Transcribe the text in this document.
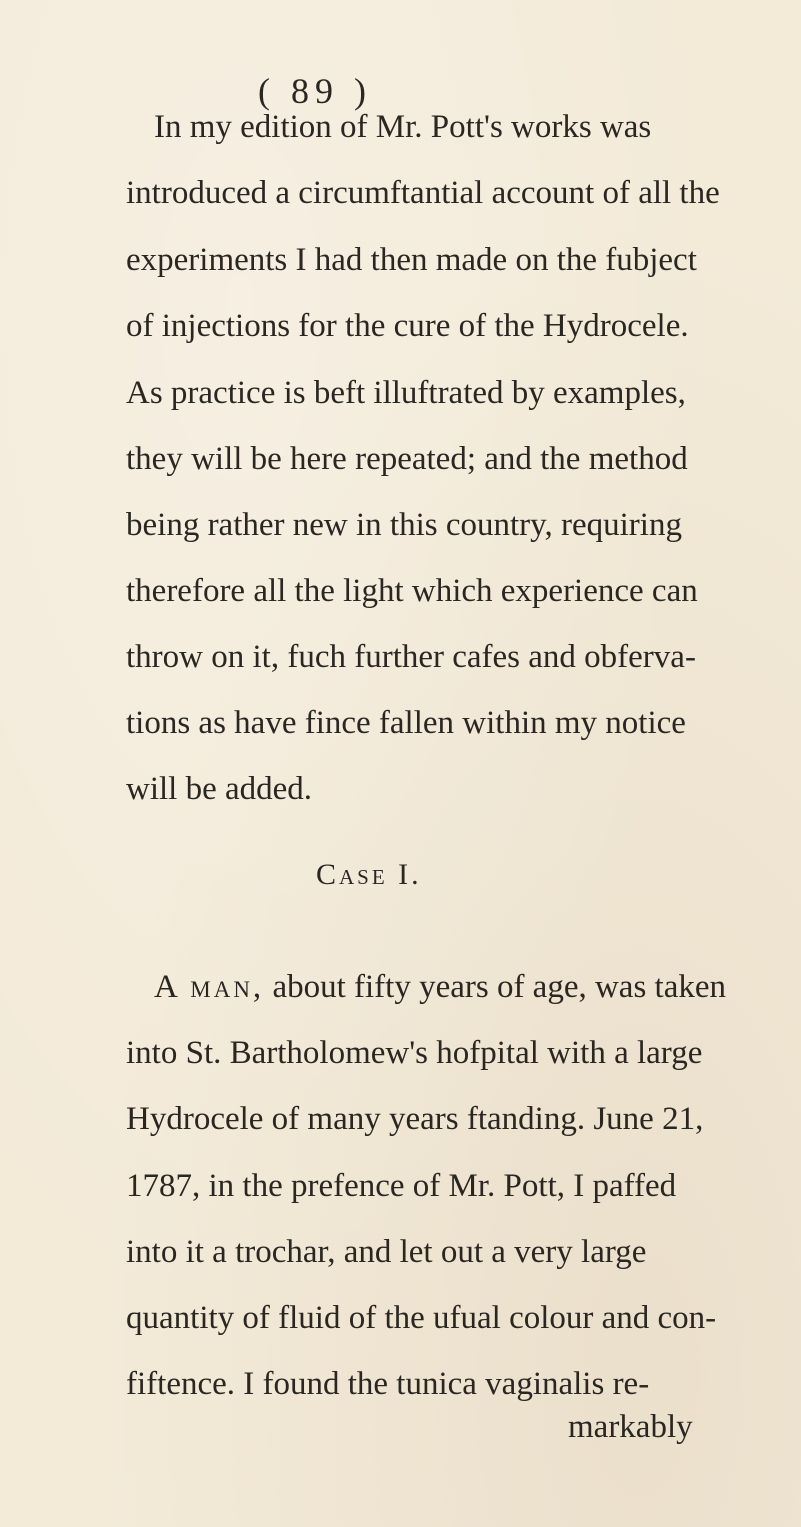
( 89 )
In my edition of Mr. Pott's works was
introduced a circumftantial account of all the
experiments I had then made on the fubject
of injections for the cure of the Hydrocele.
As practice is beft illuftrated by examples,
they will be here repeated; and the method
being rather new in this country, requiring
therefore all the light which experience can
throw on it, fuch further cafes and obferva-
tions as have fince fallen within my notice
will be added.
Case I.
A man, about fifty years of age, was taken
into St. Bartholomew's hofpital with a large
Hydrocele of many years ftanding. June 21,
1787, in the prefence of Mr. Pott, I paffed
into it a trochar, and let out a very large
quantity of fluid of the ufual colour and con-
fiftence. I found the tunica vaginalis re-
markably
